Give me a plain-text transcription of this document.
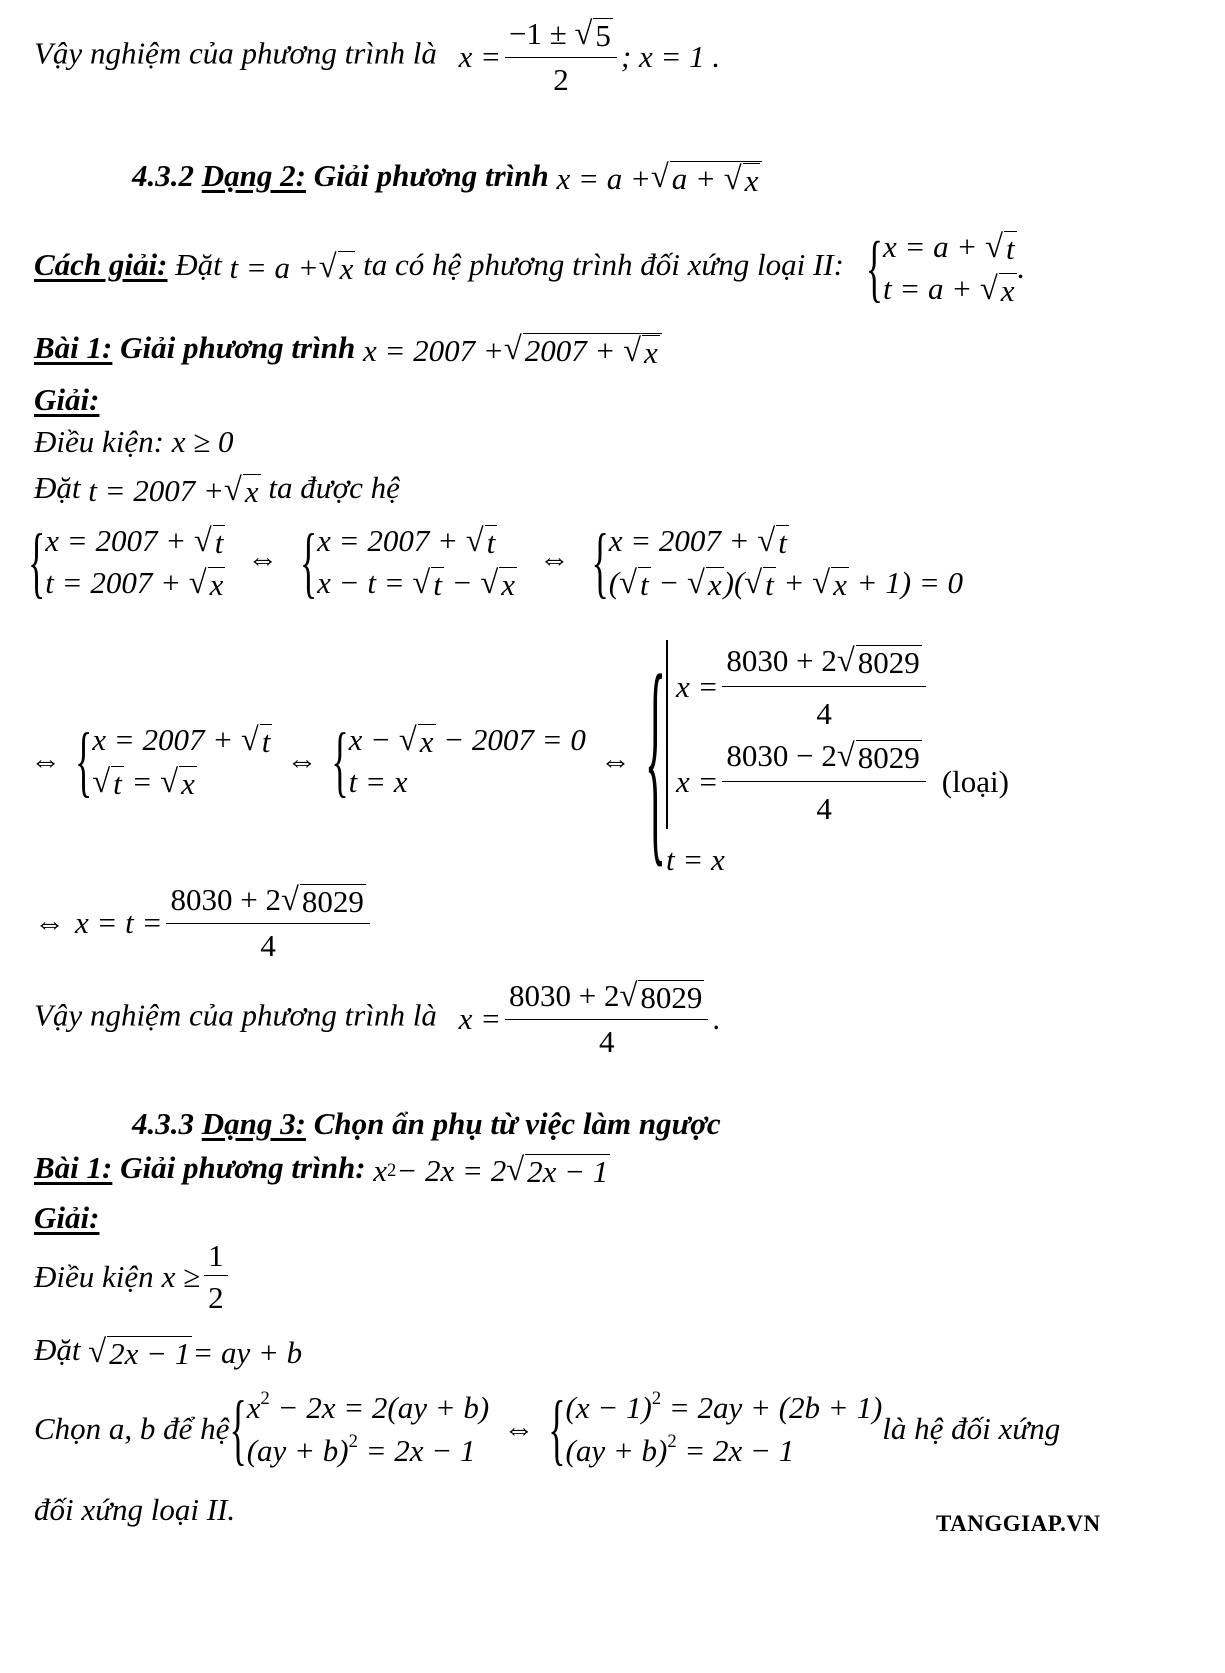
Vậy nghiệm của phương trình là $x = \frac{-1 \pm √ 5}{2}$ ; x = 1 .
4.3.2 Dạng 2: Giải phương trình x = a + √ a + √ x
Cách giải: Đặt t = a + √ x ta có hệ phương trình đối xứng loại II: { x = a + √ t
t = a + √ x
.
Bài 1: Giải phương trình x = 2007 + √ 2007 + √ x
Giải:
Điều kiện: x ≥ 0
Đặt t = 2007 + √ x ta được hệ
{ x = 2007 + √ t
t = 2007 + √ x
⇔ { x = 2007 + √ t
x − t = √ t − √ x
⇔ { x = 2007 + √ t
( √ t − √ x )( √ t + √ x + 1) = 0
⇔ { x = 2007 + √ t
√ t = √ x
⇔ { x − √ x − 2007 = 0
t = x
⇔ { $x = \frac{8030 + 2 √ 8029}{4}$
$x = \frac{8030 - 2 √ 8029}{4}$ (loại)
t = x
⇔ $x = t = \frac{8030 + 2 √ 8029}{4}$
Vậy nghiệm của phương trình là $x = \frac{8030 + 2 √ 8029}{4}$ .
4.3.3 Dạng 3: Chọn ẩn phụ từ việc làm ngược
Bài 1: Giải phương trình: x 2 − 2x = 2 √ 2x − 1
Giải:
Điều kiện $x \ge \frac{1}{2}$
Đặt √ 2x − 1 = ay + b
Chọn a, b để hệ { $x^2 - 2x = 2(ay + b)$
(ay + b)$^2$ = 2x − 1
⇔ { $(x - 1)^2 = 2ay + (2b + 1)$
(ay + b)$^2$ = 2x − 1
là hệ đối xứng
đối xứng loại II.	TANGGIAP.VN
